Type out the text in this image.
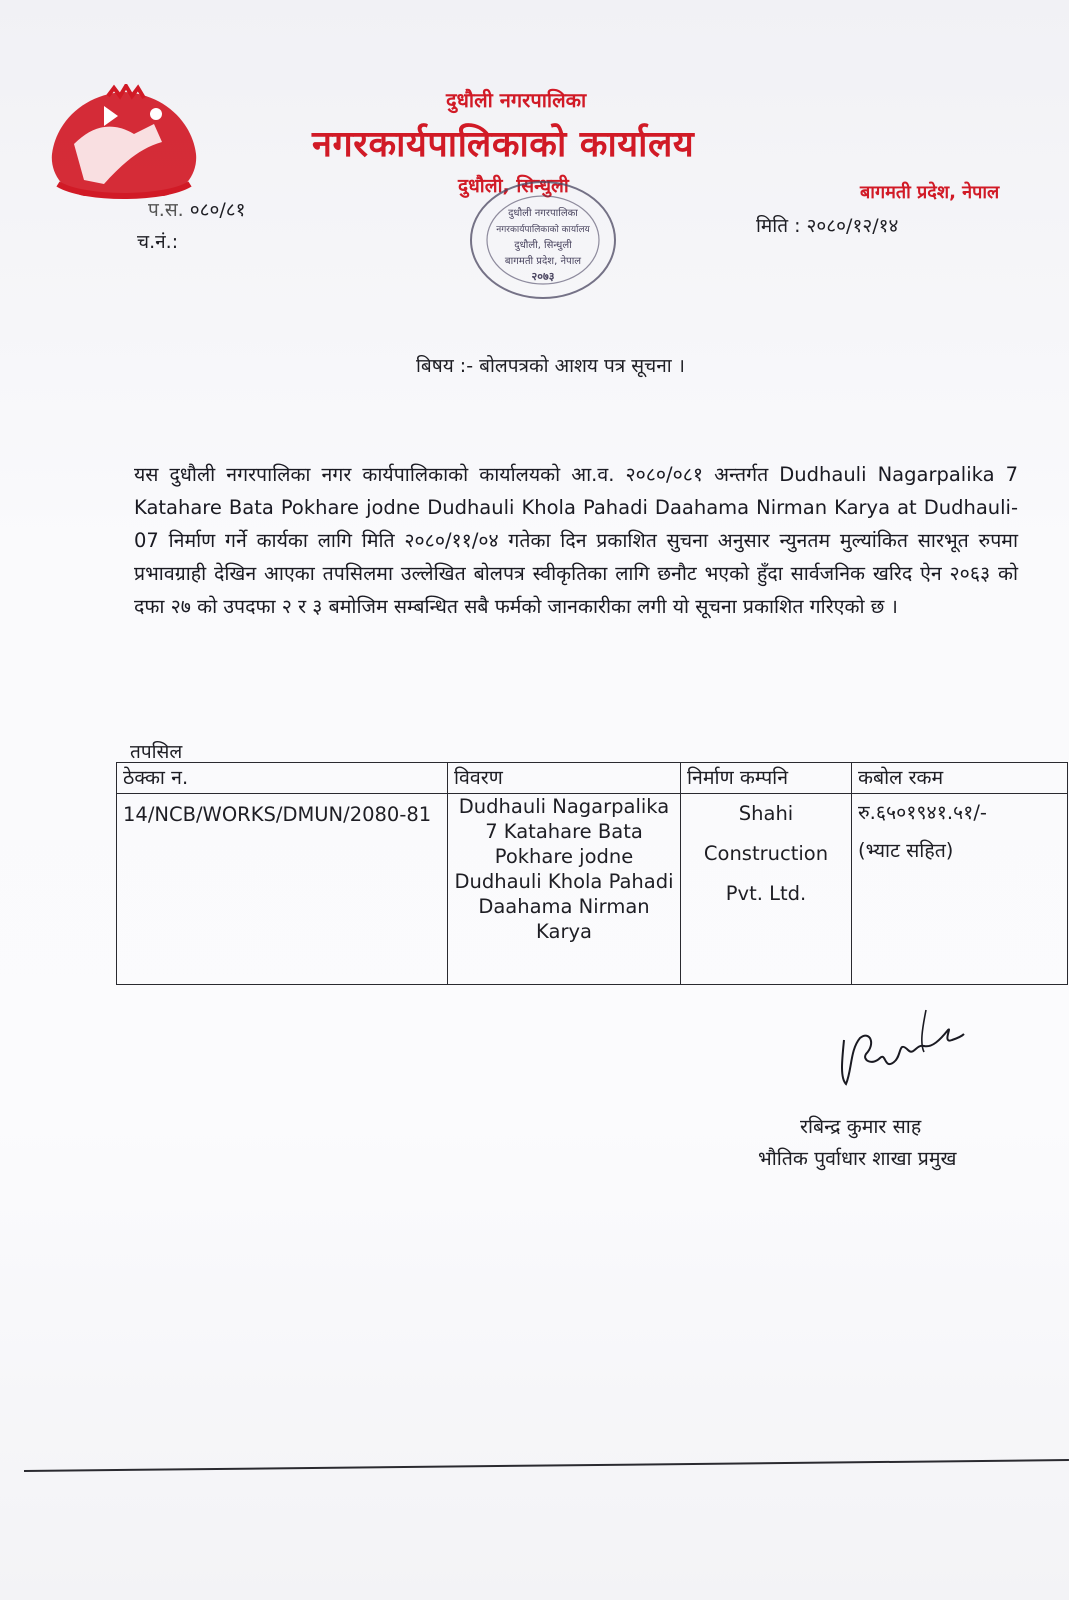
दुधौली नगरपालिका
नगरकार्यपालिकाको कार्यालय
दुधौली, सिन्धुली	बागमती प्रदेश, नेपाल
प.स. ०८०/८१
च.नं.:
मिति : २०८०/१२/१४
दुधौली नगरपालिका
नगरकार्यपालिकाको कार्यालय
दुधौली, सिन्धुली
बागमती प्रदेश, नेपाल
२०७३
बिषय :- बोलपत्रको आशय पत्र सूचना ।
यस दुधौली नगरपालिका नगर कार्यपालिकाको कार्यालयको आ.व. २०८०/०८१ अन्तर्गत Dudhauli Nagarpalika 7 Katahare Bata Pokhare jodne Dudhauli Khola Pahadi Daahama Nirman Karya at Dudhauli-07 निर्माण गर्ने कार्यका लागि मिति २०८०/११/०४ गतेका दिन प्रकाशित सुचना अनुसार न्युनतम मुल्यांकित सारभूत रुपमा प्रभावग्राही देखिन आएका तपसिलमा उल्लेखित बोलपत्र स्वीकृतिका लागि छनौट भएको हुँदा सार्वजनिक खरिद ऐन २०६३ को दफा २७ को उपदफा २ र ३ बमोजिम सम्बन्धित सबै फर्मको जानकारीका लगी यो सूचना प्रकाशित गरिएको छ ।
तपसिल
ठेक्का न.	विवरण	निर्माण कम्पनि	कबोल रकम
14/NCB/WORKS/DMUN/2080-81	Dudhauli Nagarpalika 7 Katahare Bata Pokhare jodne Dudhauli Khola Pahadi Daahama Nirman Karya	Shahi Construction Pvt. Ltd.	रु.६५०१९४१.५१/-
(भ्याट सहित)
रबिन्द्र कुमार साह
भौतिक पुर्वाधार शाखा प्रमुख
